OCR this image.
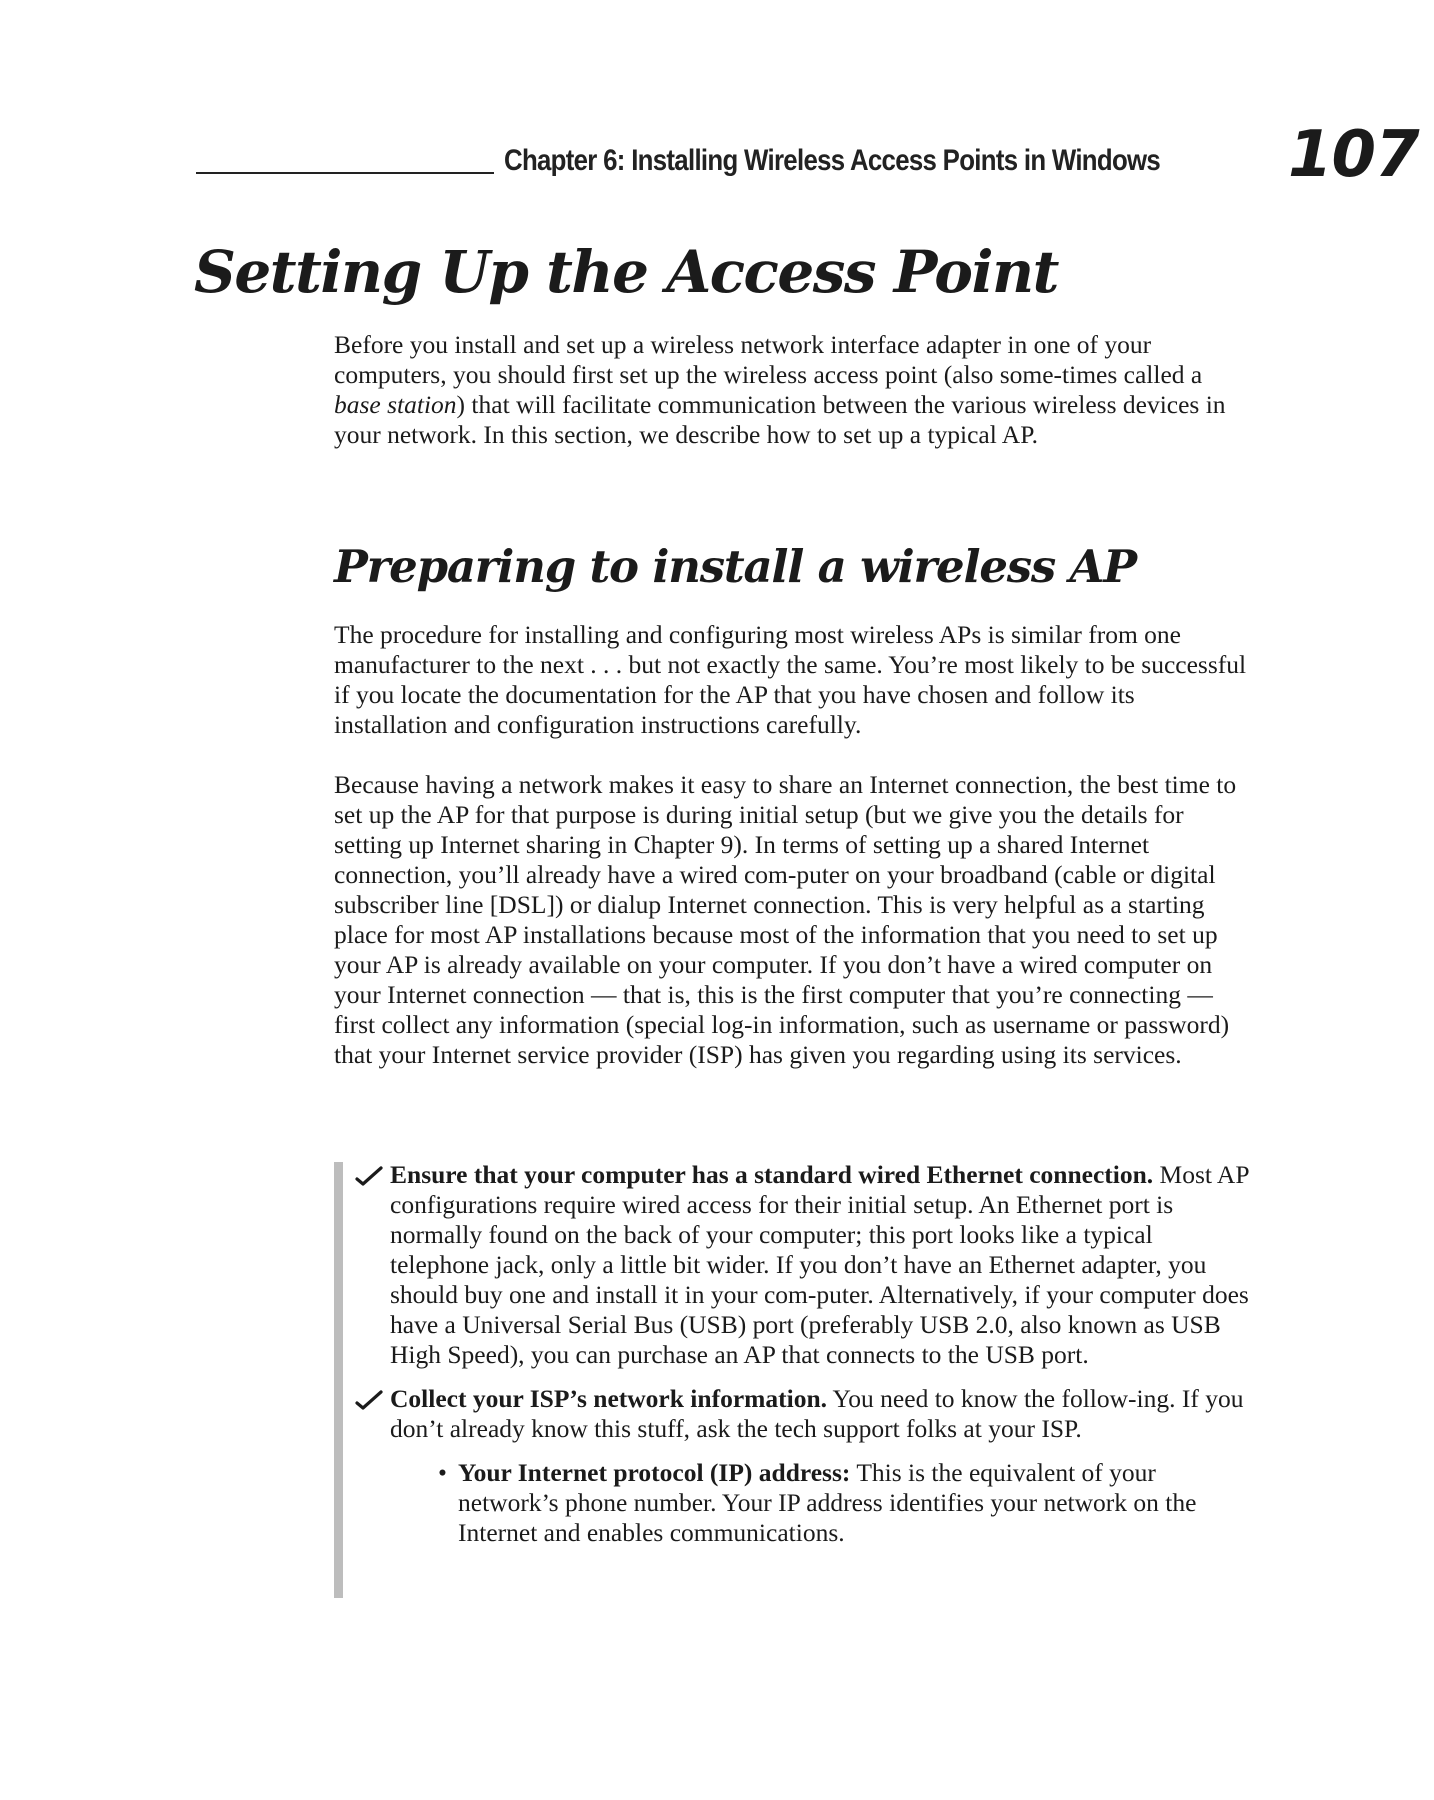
Chapter 6: Installing Wireless Access Points in Windows 107
Setting Up the Access Point

Before you install and set up a wireless network interface adapter in one of your computers, you should first set up the wireless access point (also some-times called a base station) that will facilitate communication between the various wireless devices in your network. In this section, we describe how to set up a typical AP.

Preparing to install a wireless AP

The procedure for installing and configuring most wireless APs is similar from one manufacturer to the next . . . but not exactly the same. You’re most likely to be successful if you locate the documentation for the AP that you have chosen and follow its installation and configuration instructions carefully.

Because having a network makes it easy to share an Internet connection, the best time to set up the AP for that purpose is during initial setup (but we give you the details for setting up Internet sharing in Chapter 9). In terms of setting up a shared Internet connection, you’ll already have a wired com-puter on your broadband (cable or digital subscriber line [DSL]) or dialup Internet connection. This is very helpful as a starting place for most AP installations because most of the information that you need to set up your AP is already available on your computer. If you don’t have a wired computer on your Internet connection — that is, this is the first computer that you’re connecting — first collect any information (special log-in information, such as username or password) that your Internet service provider (ISP) has given you regarding using its services.

Ensure that your computer has a standard wired Ethernet connection. Most AP configurations require wired access for their initial setup. An Ethernet port is normally found on the back of your computer; this port looks like a typical telephone jack, only a little bit wider. If you don’t have an Ethernet adapter, you should buy one and install it in your com-puter. Alternatively, if your computer does have a Universal Serial Bus (USB) port (preferably USB 2.0, also known as USB High Speed), you can purchase an AP that connects to the USB port.
Collect your ISP’s network information. You need to know the follow-ing. If you don’t already know this stuff, ask the tech support folks at your ISP.
• Your Internet protocol (IP) address: This is the equivalent of your network’s phone number. Your IP address identifies your network on the Internet and enables communications.
